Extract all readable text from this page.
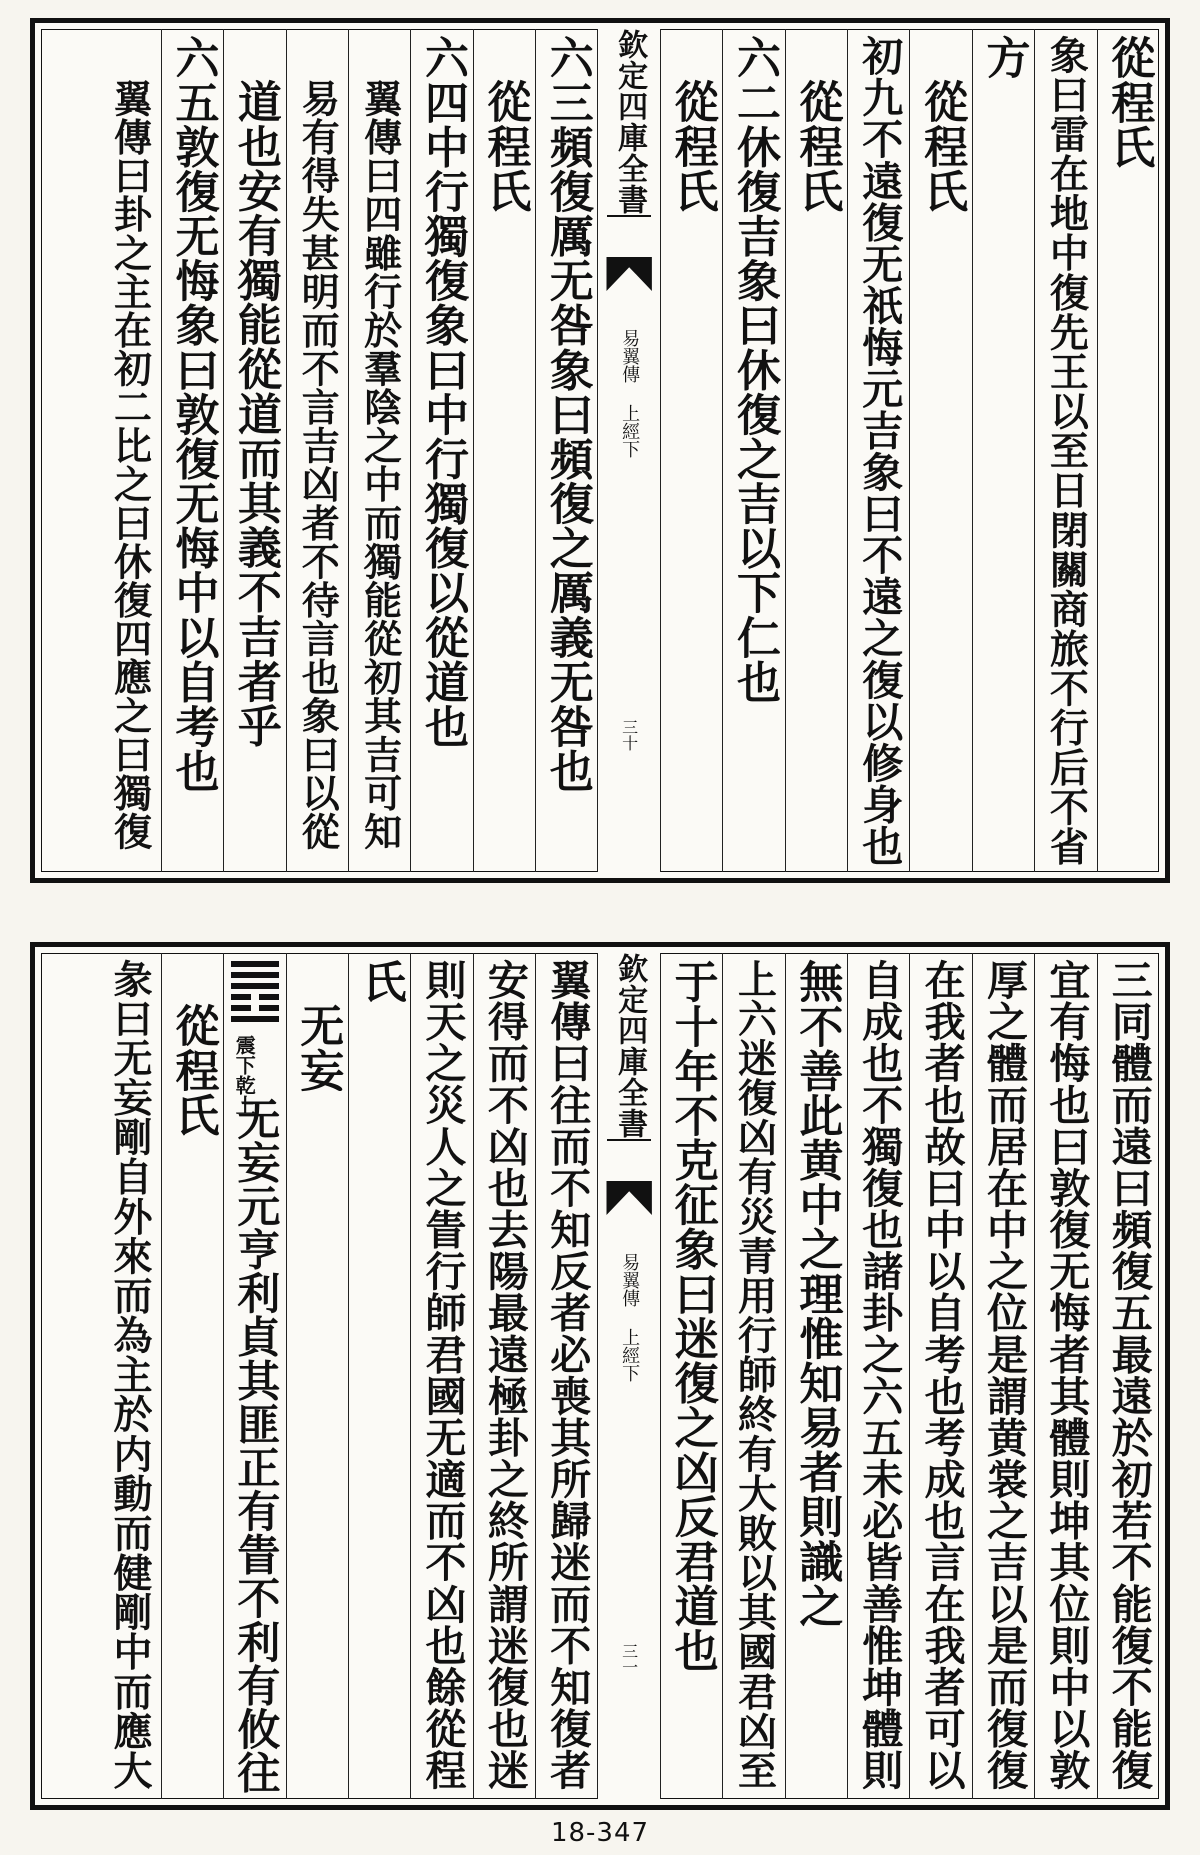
從程氏
象曰雷在地中復先王以至日閉關商旅不行后不省
方
從程氏
初九不遠復无祇悔元吉象曰不遠之復以修身也
從程氏
六二休復吉象曰休復之吉以下仁也
從程氏
欽定四庫全書
易翼傳 上經下
三十
六三頻復厲无咎象曰頻復之厲義无咎也
從程氏
六四中行獨復象曰中行獨復以從道也
翼傳曰四雖行於羣陰之中而獨能從初其吉可知
易有得失甚明而不言吉凶者不待言也象曰以從
道也安有獨能從道而其義不吉者乎
六五敦復无悔象曰敦復无悔中以自考也
翼傳曰卦之主在初二比之曰休復四應之曰獨復
三同體而遠曰頻復五最遠於初若不能復不能復
宜有悔也曰敦復无悔者其體則坤其位則中以敦
厚之體而居在中之位是謂黄裳之吉以是而復復
在我者也故曰中以自考也考成也言在我者可以
自成也不獨復也諸卦之六五未必皆善惟坤體則
無不善此黄中之理惟知易者則識之
上六迷復凶有災青用行師終有大敗以其國君凶至
于十年不克征象曰迷復之凶反君道也
欽定四庫全書
易翼傳 上經下
三一
翼傳曰往而不知反者必喪其所歸迷而不知復者
安得而不凶也去陽最遠極卦之終所謂迷復也迷
則天之災人之眚行師君國无適而不凶也餘從程
氏
无妄
震下乾上
无妄元亨利貞其匪正有眚不利有攸往
從程氏
彖曰无妄剛自外來而為主於内動而健剛中而應大
18-347
